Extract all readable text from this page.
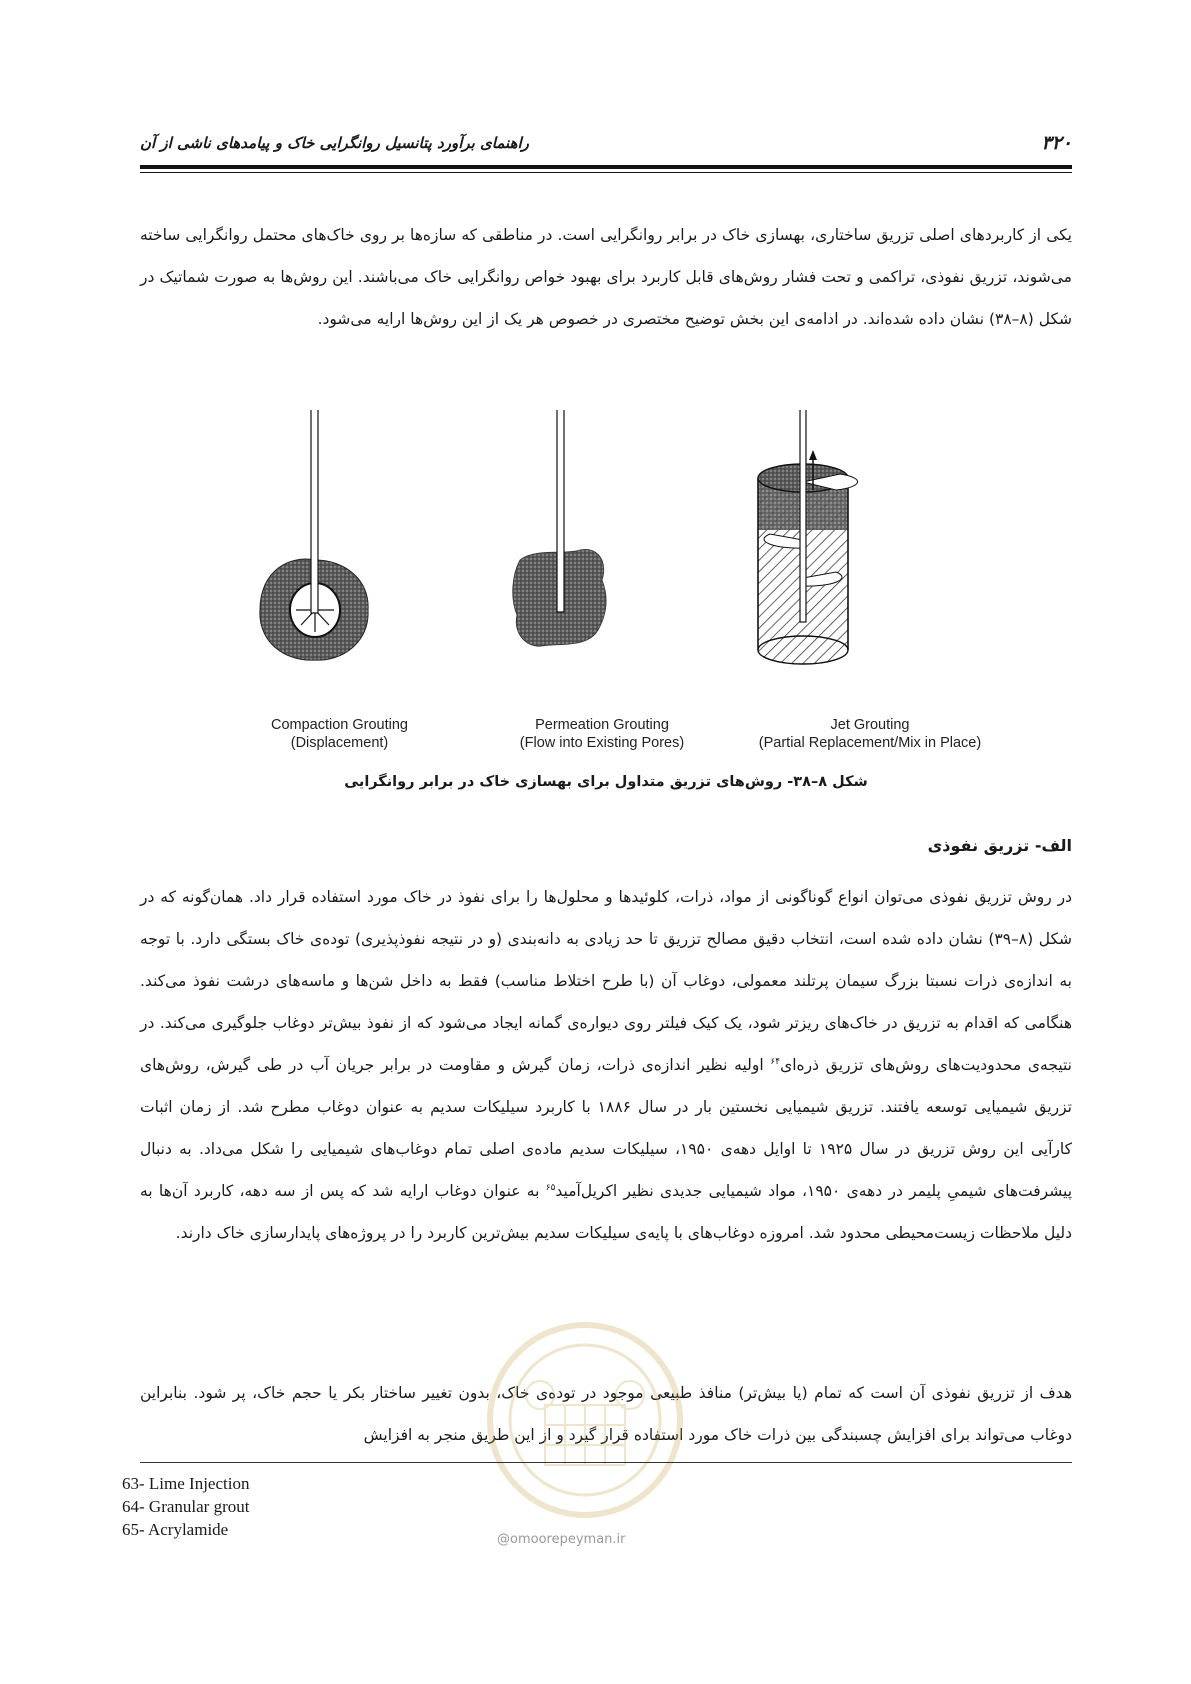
۳۲۰
راهنمای برآورد پتانسیل روانگرایی خاک و پیامدهای ناشی از آن
یکی از کاربردهای اصلی تزریق ساختاری، بهسازی خاک در برابر روانگرایی است. در مناطقی که سازه‌ها بر روی خاک‌های محتمل روانگرایی ساخته می‌شوند، تزریق نفوذی، تراکمی و تحت فشار روش‌های قابل کاربرد برای بهبود خواص روانگرایی خاک می‌باشند. این روش‌ها به صورت شماتیک در شکل (۸–۳۸) نشان داده شده‌اند. در ادامه‌ی این بخش توضیح مختصری در خصوص هر یک از این روش‌ها ارایه می‌شود.
Compaction Grouting
(Displacement)
Permeation Grouting
(Flow into Existing Pores)
Jet Grouting
(Partial Replacement/Mix in Place)
شکل ۸–۳۸- روش‌های تزریق متداول برای بهسازی خاک در برابر روانگرایی
الف- تزریق نفوذی
در روش تزریق نفوذی می‌توان انواع گوناگونی از مواد، ذرات، کلوئیدها و محلول‌ها را برای نفوذ در خاک مورد استفاده قرار داد. همان‌گونه که در شکل (۸–۳۹) نشان داده شده است، انتخاب دقیق مصالح تزریق تا حد زیادی به دانه‌بندی (و در نتیجه نفوذپذیری) توده‌ی خاک بستگی دارد. با توجه به اندازه‌ی ذرات نسبتا بزرگ سیمان پرتلند معمولی، دوغاب آن (با طرح اختلاط مناسب) فقط به داخل شن‌ها و ماسه‌های درشت نفوذ می‌کند. هنگامی که اقدام به تزریق در خاک‌های ریزتر شود، یک کیک فیلتر روی دیواره‌ی گمانه ایجاد می‌شود که از نفوذ بیش‌تر دوغاب جلوگیری می‌کند. در نتیجه‌ی محدودیت‌های روش‌های تزریق ذره‌ای$^{۶۴}$ اولیه نظیر اندازه‌ی ذرات، زمان گیرش و مقاومت در برابر جریان آب در طی گیرش، روش‌های تزریق شیمیایی توسعه یافتند. تزریق شیمیایی نخستین بار در سال ۱۸۸۶ با کاربرد سیلیکات سدیم به عنوان دوغاب مطرح شد. از زمان اثبات کارآیی این روش تزریق در سال ۱۹۲۵ تا اوایل دهه‌ی ۱۹۵۰، سیلیکات سدیم ماده‌ی اصلی تمام دوغاب‌های شیمیایی را شکل می‌داد. به دنبال پیشرفت‌های شیمیِ پلیمر در دهه‌ی ۱۹۵۰، مواد شیمیایی جدیدی نظیر اکریل‌آمید$^{۶۵}$ به عنوان دوغاب ارایه شد که پس از سه دهه، کاربرد آن‌ها به دلیل ملاحظات زیست‌محیطی محدود شد. امروزه دوغاب‌های با پایه‌ی سیلیکات سدیم بیش‌ترین کاربرد را در پروژه‌های پایدارسازی خاک دارند.
هدف از تزریق نفوذی آن است که تمام (یا بیش‌تر) منافذ طبیعی موجود در توده‌ی خاک، بدون تغییر ساختار بکر یا حجم خاک، پر شود. بنابراین دوغاب می‌تواند برای افزایش چسبندگی بین ذرات خاک مورد استفاده قرار گیرد و از این طریق منجر به افزایش
@omoorepeyman.ir
63- Lime Injection
64- Granular grout
65- Acrylamide
